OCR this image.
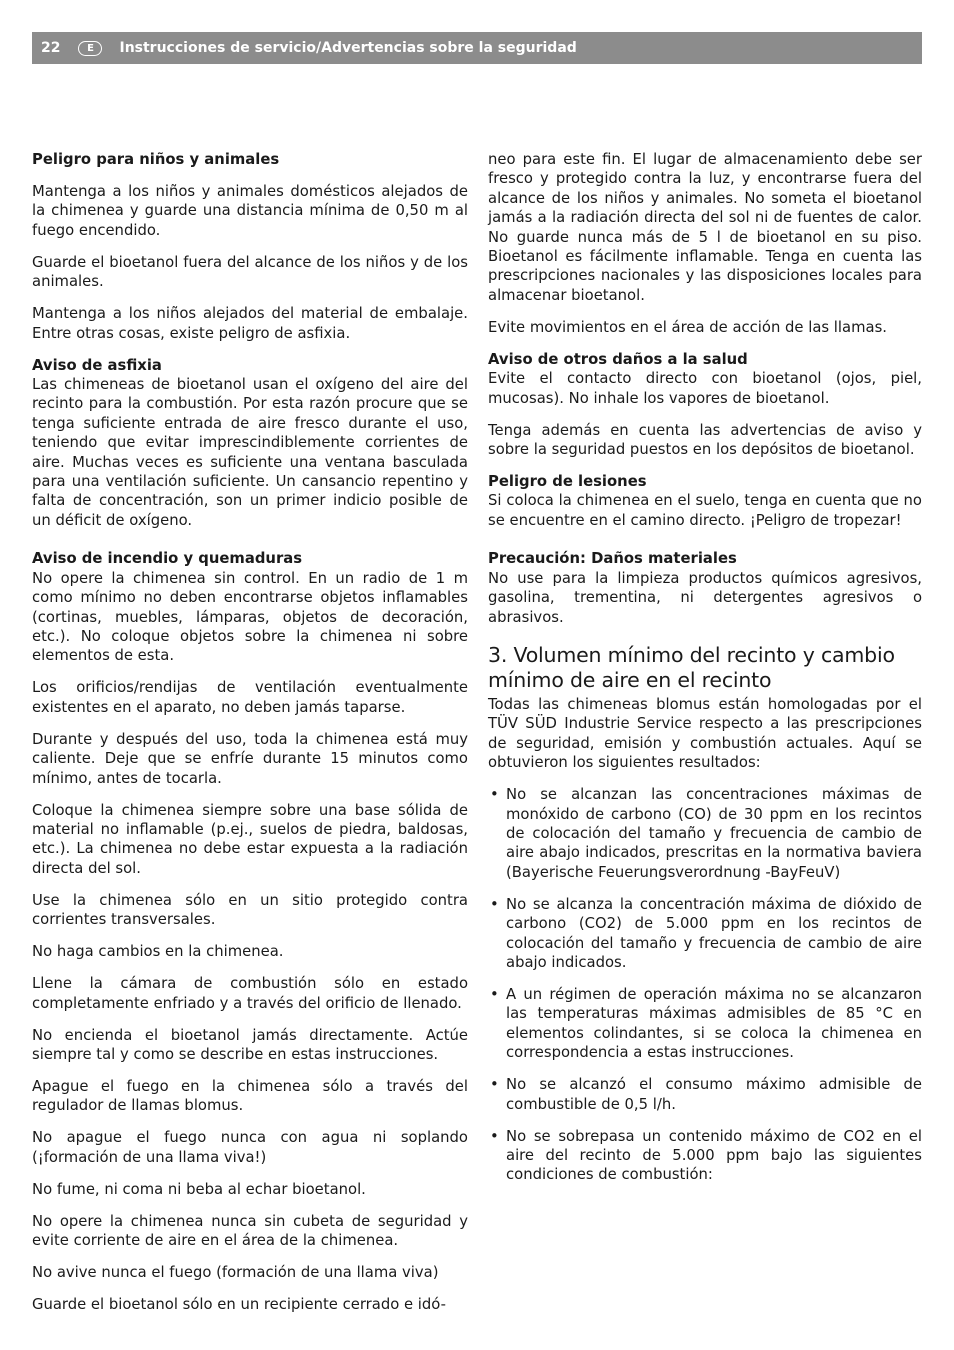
22	E	Instrucciones de servicio/Advertencias sobre la seguridad
Peligro para niños y animales

Mantenga a los niños y animales domésticos alejados de la chimenea y guarde una distancia mínima de 0,50 m al fuego encendido.

Guarde el bioetanol fuera del alcance de los niños y de los animales.

Mantenga a los niños alejados del material de embalaje. Entre otras cosas, existe peligro de asfixia.

Aviso de asfixia

Las chimeneas de bioetanol usan el oxígeno del aire del recinto para la combustión. Por esta razón procure que se tenga suficiente entrada de aire fresco durante el uso, teniendo que evitar imprescindiblemente corrientes de aire. Muchas veces es suficiente una ventana basculada para una ventilación suficiente. Un cansancio repentino y falta de concentración, son un primer indicio posible de un déficit de oxígeno.

Aviso de incendio y quemaduras

No opere la chimenea sin control. En un radio de 1 m como mínimo no deben encontrarse objetos inflamables (cortinas, muebles, lámparas, objetos de decoración, etc.). No coloque objetos sobre la chimenea ni sobre elementos de esta.

Los orificios/rendijas de ventilación eventualmente existentes en el aparato, no deben jamás taparse.

Durante y después del uso, toda la chimenea está muy caliente. Deje que se enfríe durante 15 minutos como mínimo, antes de tocarla.

Coloque la chimenea siempre sobre una base sólida de material no inflamable (p.ej., suelos de piedra, baldosas, etc.). La chimenea no debe estar expuesta a la radiación directa del sol.

Use la chimenea sólo en un sitio protegido contra corrientes transversales.

No haga cambios en la chimenea.

Llene la cámara de combustión sólo en estado completamente enfriado y a través del orificio de llenado.

No encienda el bioetanol jamás directamente. Actúe siempre tal y como se describe en estas instrucciones.

Apague el fuego en la chimenea sólo a través del regulador de llamas blomus.

No apague el fuego nunca con agua ni soplando (¡formación de una llama viva!)

No fume, ni coma ni beba al echar bioetanol.

No opere la chimenea nunca sin cubeta de seguridad y evite corriente de aire en el área de la chimenea.

No avive nunca el fuego (formación de una llama viva)

Guarde el bioetanol sólo en un recipiente cerrado e idó-

neo para este fin. El lugar de almacenamiento debe ser fresco y protegido contra la luz, y encontrarse fuera del alcance de los niños y animales. No someta el bioetanol jamás a la radiación directa del sol ni de fuentes de calor. No guarde nunca más de 5 l de bioetanol en su piso. Bioetanol es fácilmente inflamable. Tenga en cuenta las prescripciones nacionales y las disposiciones locales para almacenar bioetanol.

Evite movimientos en el área de acción de las llamas.

Aviso de otros daños a la salud

Evite el contacto directo con bioetanol (ojos, piel, mucosas). No inhale los vapores de bioetanol.

Tenga además en cuenta las advertencias de aviso y sobre la seguridad puestos en los depósitos de bioetanol.

Peligro de lesiones

Si coloca la chimenea en el suelo, tenga en cuenta que no se encuentre en el camino directo. ¡Peligro de tropezar!

Precaución: Daños materiales

No use para la limpieza productos químicos agresivos, gasolina, trementina, ni detergentes agresivos o abrasivos.

3. Volumen mínimo del recinto y cambio mínimo de aire en el recinto

Todas las chimeneas blomus están homologadas por el TÜV SÜD Industrie Service respecto a las prescripciones de seguridad, emisión y combustión actuales. Aquí se obtuvieron los siguientes resultados:

• No se alcanzan las concentraciones máximas de monóxido de carbono (CO) de 30 ppm en los recintos de colocación del tamaño y frecuencia de cambio de aire abajo indicados, prescritas en la normativa baviera (Bayerische Feuerungsverordnung -BayFeuV)
• No se alcanza la concentración máxima de dióxido de carbono (CO2) de 5.000 ppm en los recintos de colocación del tamaño y frecuencia de cambio de aire abajo indicados.
• A un régimen de operación máxima no se alcanzaron las temperaturas máximas admisibles de 85 °C en elementos colindantes, si se coloca la chimenea en correspondencia a estas instrucciones.
• No se alcanzó el consumo máximo admisible de combustible de 0,5 l/h.
• No se sobrepasa un contenido máximo de CO2 en el aire del recinto de 5.000 ppm bajo las siguientes condiciones de combustión:
